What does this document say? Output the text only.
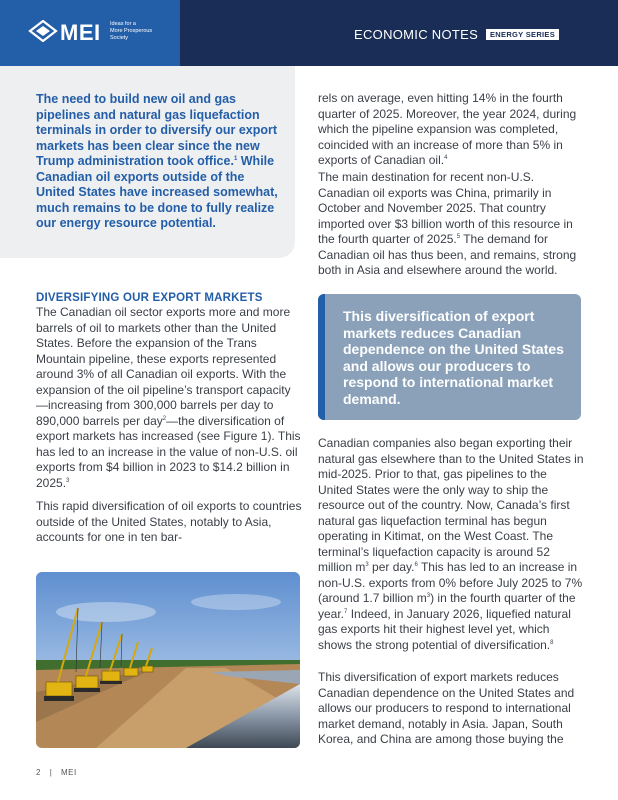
MEI Ideas for a
More Prosperous
Society	ECONOMIC NOTES	ENERGY SERIES

The need to build new oil and gas pipelines and natural gas liquefaction terminals in order to diversify our export markets has been clear since the new Trump administration took office.$^1$ While Canadian oil exports outside of the United States have increased somewhat, much remains to be done to fully realize our energy resource potential.

DIVERSIFYING OUR EXPORT MARKETS

The Canadian oil sector exports more and more barrels of oil to markets other than the United States. Before the expansion of the Trans Mountain pipeline, these exports represented around 3% of all Canadian oil exports. With the expansion of the oil pipeline’s transport capacity—increasing from 300,000 barrels per day to 890,000 barrels per day$^2$—the diversification of export markets has increased (see Figure 1). This has led to an increase in the value of non-U.S. oil exports from $4 billion in 2023 to $14.2 billion in 2025.$^3$

This rapid diversification of oil exports to countries outside of the United States, notably to Asia, accounts for one in ten bar-

rels on average, even hitting 14% in the fourth quarter of 2025. Moreover, the year 2024, during which the pipeline expansion was completed, coincided with an increase of more than 5% in exports of Canadian oil.$^4$

The main destination for recent non-U.S. Canadian oil exports was China, primarily in October and November 2025. That country imported over $3 billion worth of this resource in the fourth quarter of 2025.$^5$ The demand for Canadian oil has thus been, and remains, strong both in Asia and elsewhere around the world.

This diversification of export markets reduces Canadian dependence on the United States and allows our producers to respond to international market demand.

Canadian companies also began exporting their natural gas elsewhere than to the United States in mid-2025. Prior to that, gas pipelines to the United States were the only way to ship the resource out of the country. Now, Canada’s first natural gas liquefaction terminal has begun operating in Kitimat, on the West Coast. The terminal’s liquefaction capacity is around 52 million $m^3$ per day.$^6$ This has led to an increase in non-U.S. exports from 0% before July 2025 to 7% (around 1.7 billion $m^3$) in the fourth quarter of the year.$^7$ Indeed, in January 2026, liquefied natural gas exports hit their highest level yet, which shows the strong potential of diversification.$^8$

This diversification of export markets reduces Canadian dependence on the United States and allows our producers to respond to international market demand, notably in Asia. Japan, South Korea, and China are among those buying the

2 | MEI
